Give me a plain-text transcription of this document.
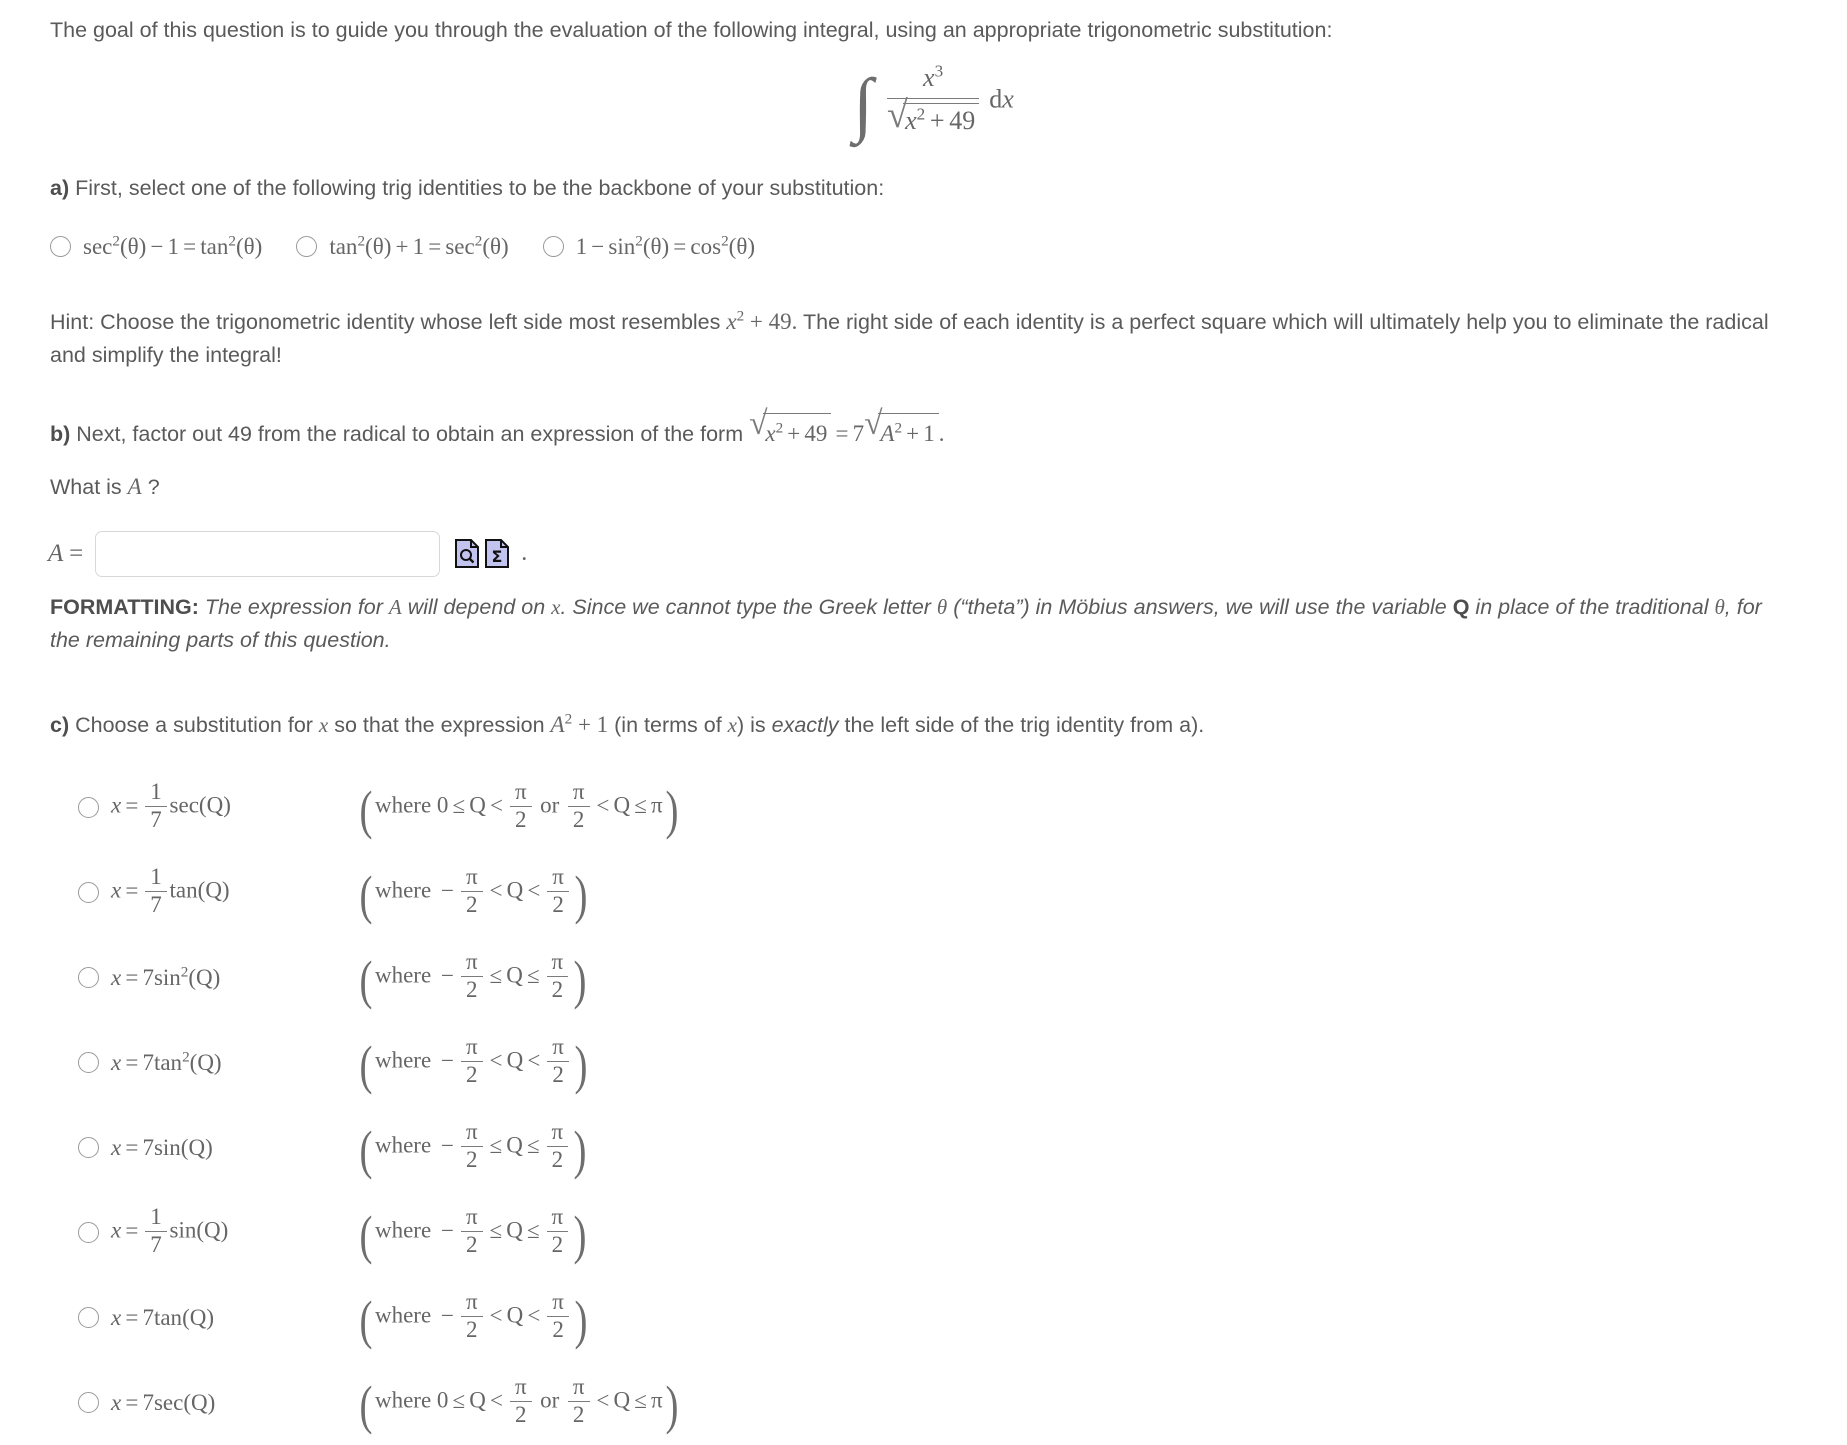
The goal of this question is to guide you through the evaluation of the following integral, using an appropriate trigonometric substitution:

∫ $x^3$
√
$x^2 + 49$ dx

a) First, select one of the following trig identities to be the backbone of your substitution:

$\sec^2(\theta) - 1 = \tan^2(\theta)$	$\tan^2(\theta) + 1 = \sec^2(\theta)$	$1 - \sin^2(\theta) = \cos^2(\theta)$

Hint: Choose the trigonometric identity whose left side most resembles $x^2 + 49$. The right side of each identity is a perfect square which will ultimately help you to eliminate the radical and simplify the integral!

b) Next, factor out 49 from the radical to obtain an expression of the form √
$x^2 + 49 = 7$ √
$A^2 + 1$ .

What is A ?

A =	Σ .

FORMATTING: The expression for A will depend on x. Since we cannot type the Greek letter θ (“theta”) in Möbius answers, we will use the variable Q in place of the traditional θ, for the remaining parts of this question.

c) Choose a substitution for x so that the expression $A^2 + 1$ (in terms of x) is exactly the left side of the trig identity from a).

$x = \frac{1}{7} \sec(Q)$	( where $0 \le Q < \frac{\pi}{2}$ or $\frac{\pi}{2} < Q \le \pi$ )
$x = \frac{1}{7} \tan(Q)$	( where − $\frac{\pi}{2} < Q < \frac{\pi}{2}$ )
$x = 7\sin^2(Q)$	( where − $\frac{\pi}{2} \le Q \le \frac{\pi}{2}$ )
$x = 7\tan^2(Q)$	( where − $\frac{\pi}{2} < Q < \frac{\pi}{2}$ )
x = 7sin(Q)	( where − $\frac{\pi}{2} \le Q \le \frac{\pi}{2}$ )
$x = \frac{1}{7} \sin(Q)$	( where − $\frac{\pi}{2} \le Q \le \frac{\pi}{2}$ )
x = 7tan(Q)	( where − $\frac{\pi}{2} < Q < \frac{\pi}{2}$ )
x = 7sec(Q)	( where $0 \le Q < \frac{\pi}{2}$ or $\frac{\pi}{2} < Q \le \pi$ )
